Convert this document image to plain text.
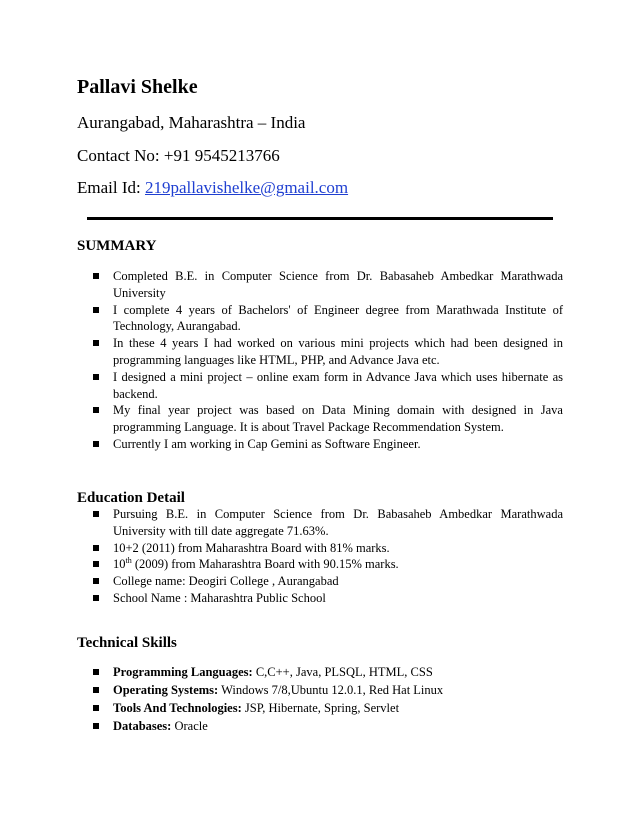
Pallavi Shelke
Aurangabad, Maharashtra – India
Contact No: +91 9545213766
Email Id: 219pallavishelke@gmail.com
SUMMARY
Completed B.E. in Computer Science from Dr. Babasaheb Ambedkar Marathwada University
I complete 4 years of Bachelors' of Engineer degree from Marathwada Institute of Technology, Aurangabad.
In these 4 years I had worked on various mini projects which had been designed in programming languages like HTML, PHP, and Advance Java etc.
I designed a mini project – online exam form in Advance Java which uses hibernate as backend.
My final year project was based on Data Mining domain with designed in Java programming Language. It is about Travel Package Recommendation System.
Currently I am working in Cap Gemini as Software Engineer.
Education Detail
Pursuing B.E. in Computer Science from Dr. Babasaheb Ambedkar Marathwada University with till date aggregate 71.63%.
10+2 (2011) from Maharashtra Board with 81% marks.
10th (2009) from Maharashtra Board with 90.15% marks.
College name: Deogiri College , Aurangabad
School Name : Maharashtra Public School
Technical Skills
Programming Languages: C,C++, Java, PLSQL, HTML, CSS
Operating Systems: Windows 7/8,Ubuntu 12.0.1, Red Hat Linux
Tools And Technologies: JSP, Hibernate, Spring, Servlet
Databases: Oracle
